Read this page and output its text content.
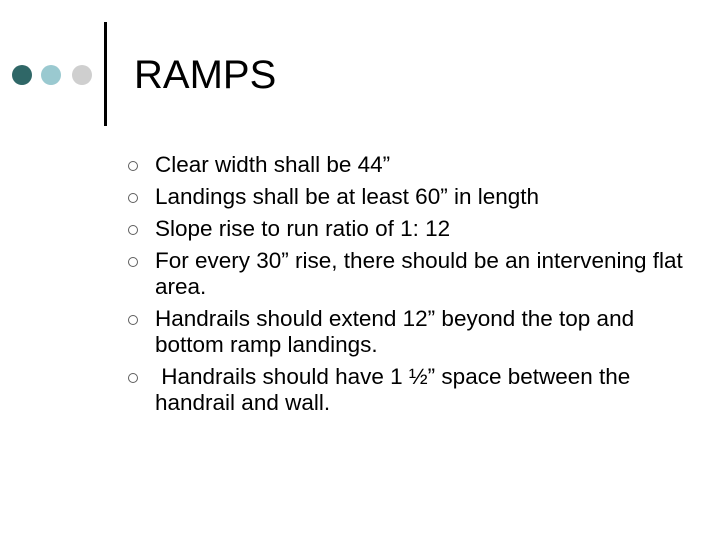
RAMPS
Clear width shall be 44”
Landings shall be at least 60” in length
Slope rise to run ratio of 1: 12
For every 30” rise, there should be an intervening flat area.
Handrails should extend 12” beyond the top and bottom ramp landings.
Handrails should have 1 ½” space between the handrail and wall.
